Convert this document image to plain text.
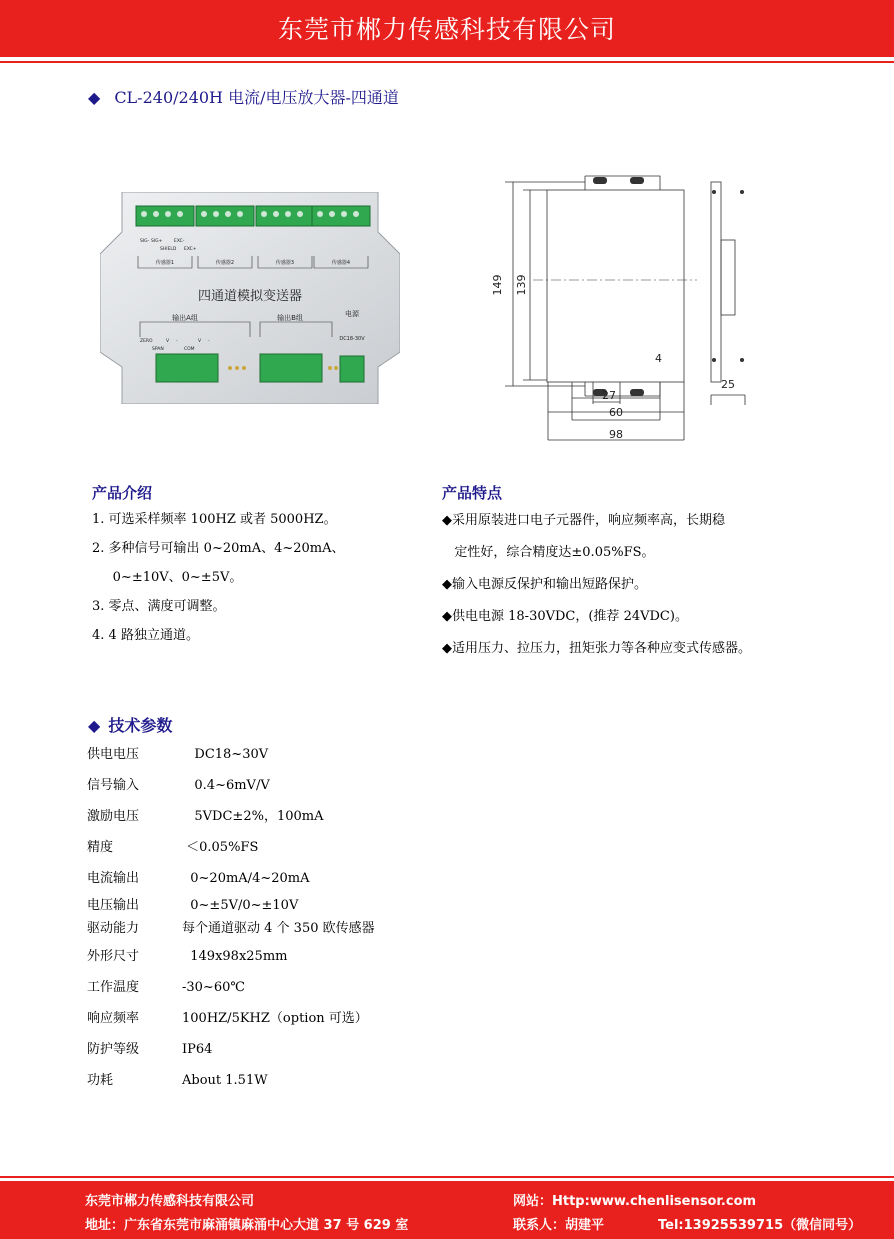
东莞市郴力传感科技有限公司
◆ CL-240/240H 电流/电压放大器-四通道
四通道模拟变送器
输出A组	输出B组	电源
DC18-30V
传感器1	传感器2	传感器3	传感器4
SIG- SIG+
SHIELD
EXC-
EXC+
ZERO
SPAN
V -
COM
V -
149 139
4
27
60
98
25
产品介绍
1. 可选采样频率 100HZ 或者 5000HZ。
2. 多种信号可输出 0~20mA、4~20mA、
0~±10V、0~±5V。
3. 零点、满度可调整。
4. 4 路独立通道。
产品特点
◆采用原装进口电子元器件，响应频率高，长期稳
定性好，综合精度达±0.05%FS。
◆输入电源反保护和输出短路保护。
◆供电电源 18-30VDC，(推荐 24VDC)。
◆适用压力、拉压力，扭矩张力等各种应变式传感器。
◆ 技术参数
供电电压	DC18~30V
信号输入	0.4~6mV/V
激励电压	5VDC±2%，100mA
精度	＜0.05%FS
电流输出	0~20mA/4~20mA
电压输出	0~±5V/0~±10V
驱动能力	每个通道驱动 4 个 350 欧传感器
外形尺寸	149x98x25mm
工作温度	-30~60℃
响应频率	100HZ/5KHZ（option 可选）
防护等级	IP64
功耗	About 1.51W
东莞市郴力传感科技有限公司	网站：Http:www.chenlisensor.com
地址：广东省东莞市麻涌镇麻涌中心大道 37 号 629 室	联系人：胡建平	Tel:13925539715（微信同号）
